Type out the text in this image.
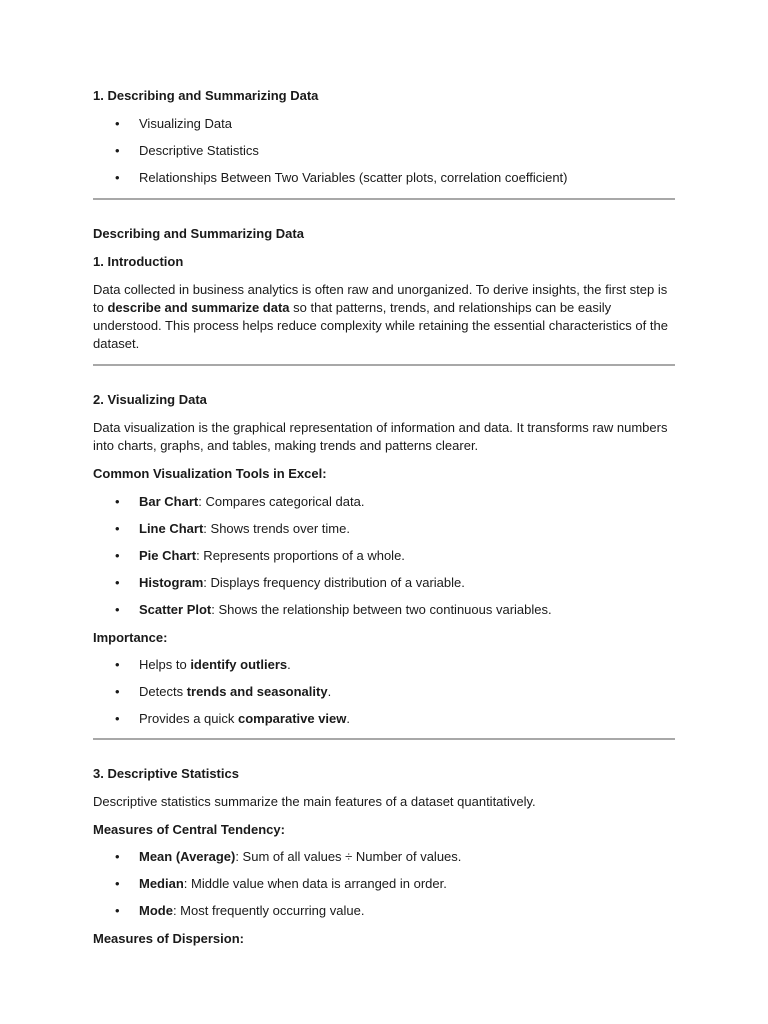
1. Describing and Summarizing Data

• Visualizing Data
• Descriptive Statistics
• Relationships Between Two Variables (scatter plots, correlation coefficient)

Describing and Summarizing Data

1. Introduction

Data collected in business analytics is often raw and unorganized. To derive insights, the first step is to describe and summarize data so that patterns, trends, and relationships can be easily understood. This process helps reduce complexity while retaining the essential characteristics of the dataset.

2. Visualizing Data

Data visualization is the graphical representation of information and data. It transforms raw numbers into charts, graphs, and tables, making trends and patterns clearer.

Common Visualization Tools in Excel:

• Bar Chart: Compares categorical data.
• Line Chart: Shows trends over time.
• Pie Chart: Represents proportions of a whole.
• Histogram: Displays frequency distribution of a variable.
• Scatter Plot: Shows the relationship between two continuous variables.

Importance:

• Helps to identify outliers.
• Detects trends and seasonality.
• Provides a quick comparative view.

3. Descriptive Statistics

Descriptive statistics summarize the main features of a dataset quantitatively.

Measures of Central Tendency:

• Mean (Average): Sum of all values ÷ Number of values.
• Median: Middle value when data is arranged in order.
• Mode: Most frequently occurring value.

Measures of Dispersion:
